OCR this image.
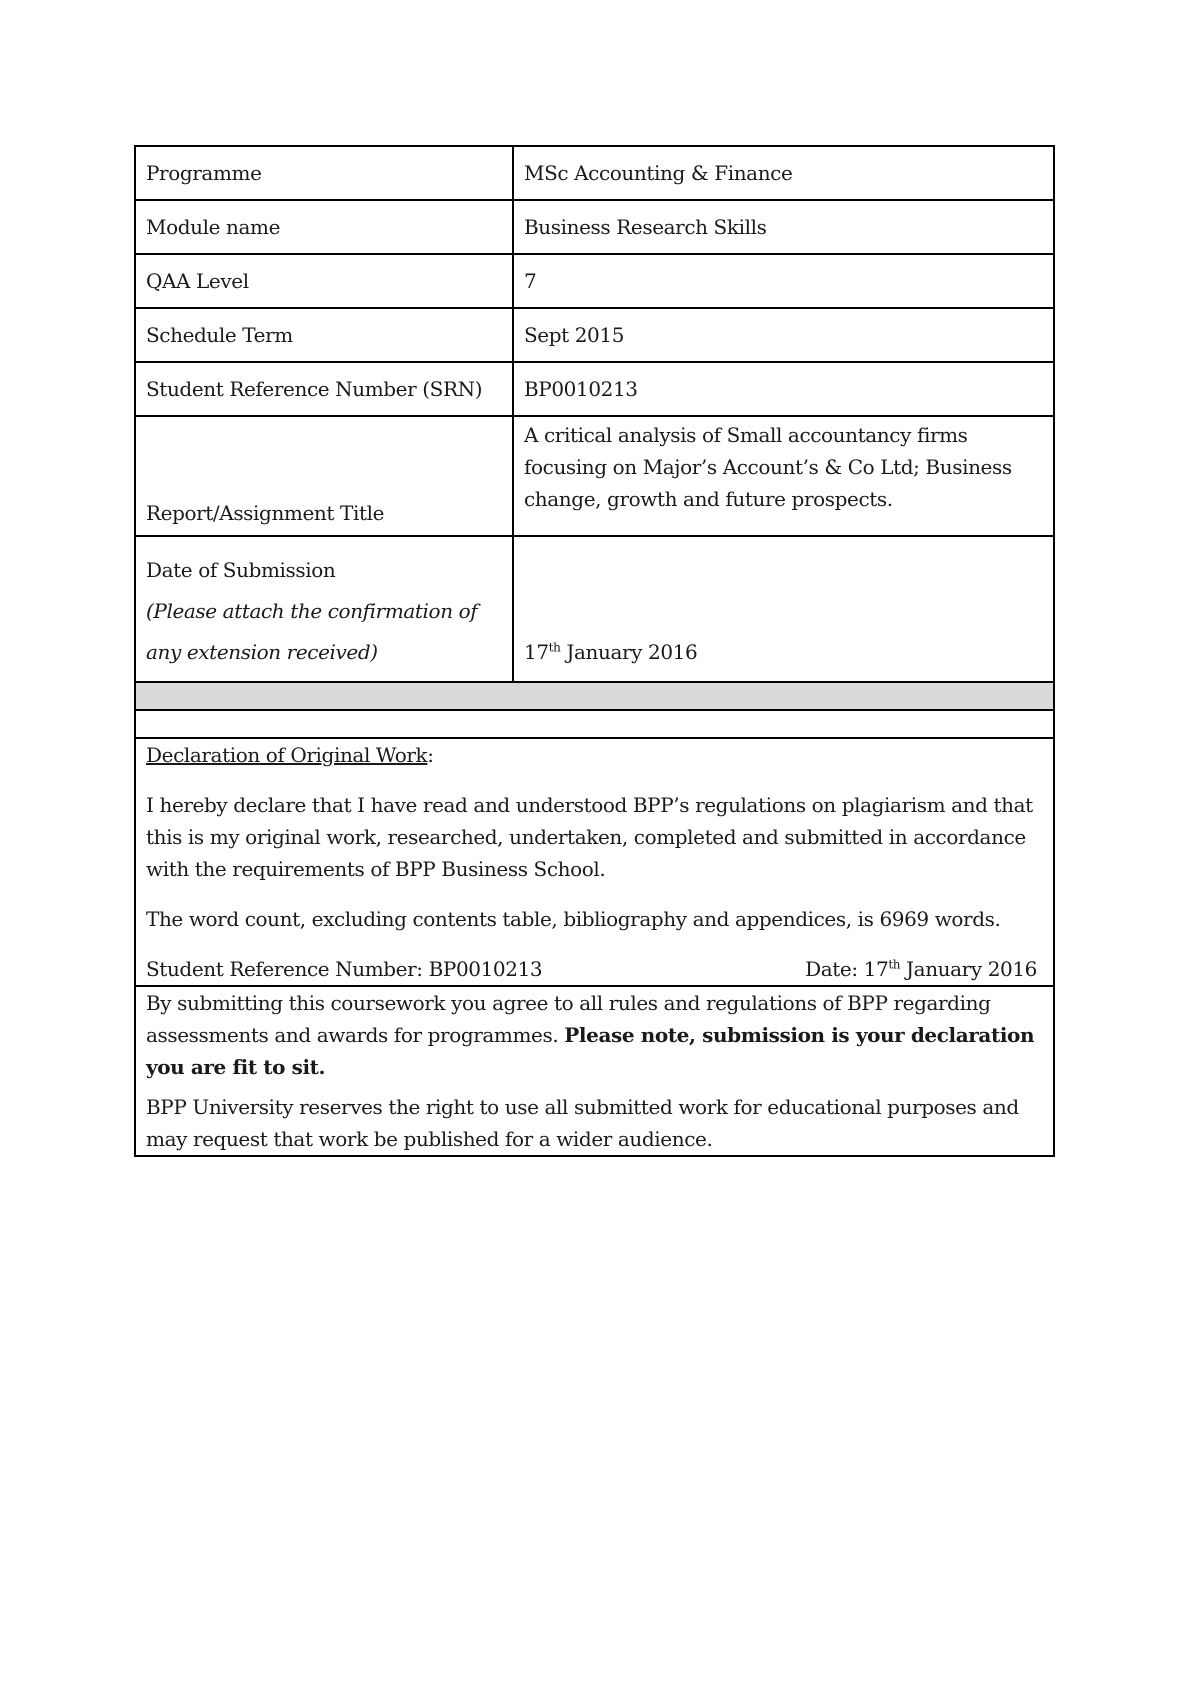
Programme	MSc Accounting & Finance
Module name	Business Research Skills
QAA Level	7
Schedule Term	Sept 2015
Student Reference Number (SRN)	BP0010213
Report/Assignment Title	A critical analysis of Small accountancy firms focusing on Major’s Account’s & Co Ltd; Business change, growth and future prospects.

Date of Submission
(Please attach the confirmation of any extension received)	17th January 2016

Declaration of Original Work:

I hereby declare that I have read and understood BPP’s regulations on plagiarism and that this is my original work, researched, undertaken, completed and submitted in accordance with the requirements of BPP Business School.

The word count, excluding contents table, bibliography and appendices, is 6969 words.

Student Reference Number: BP0010213 Date: 17th January 2016	

By submitting this coursework you agree to all rules and regulations of BPP regarding assessments and awards for programmes. Please note, submission is your declaration you are fit to sit.

BPP University reserves the right to use all submitted work for educational purposes and may request that work be published for a wider audience.	
